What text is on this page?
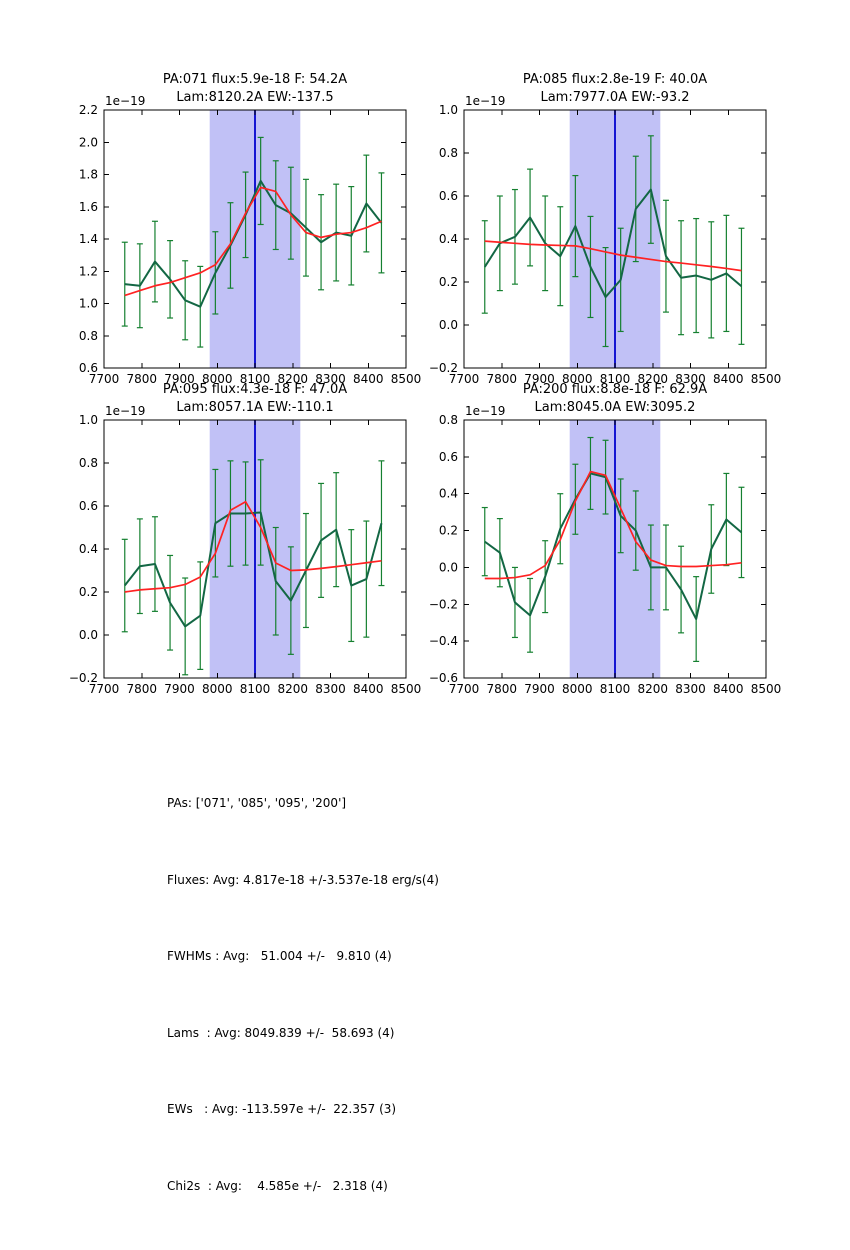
PA:071 flux:5.9e-18 F: 54.2A
Lam:8120.2A EW:-137.5
7700 7800 7900 8000 8100 8200 8300 8400 8500
0.6
0.8
1.0
1.2
1.4
1.6
1.8
2.0
2.2
1e−19
PA:085 flux:2.8e-19 F: 40.0A
Lam:7977.0A EW:-93.2
7700 7800 7900 8000 8100 8200 8300 8400 8500
−0.2
0.0
0.2
0.4
0.6
0.8
1.0
1e−19
PA:095 flux:4.3e-18 F: 47.0A
Lam:8057.1A EW:-110.1
7700 7800 7900 8000 8100 8200 8300 8400 8500
−0.2
0.0
0.2
0.4
0.6
0.8
1.0
1e−19
PA:200 flux:8.8e-18 F: 62.9A
Lam:8045.0A EW:3095.2
7700 7800 7900 8000 8100 8200 8300 8400 8500
−0.6
−0.4
−0.2
0.0
0.2
0.4
0.6
0.8
1e−19

PAs: ['071', '085', '095', '200']

Fluxes: Avg: 4.817e-18 +/-3.537e-18 erg/s(4)

FWHMs : Avg:   51.004 +/-   9.810 (4)

Lams  : Avg: 8049.839 +/-  58.693 (4)

EWs   : Avg: -113.597e +/-  22.357 (3)

Chi2s  : Avg:    4.585e +/-   2.318 (4)
